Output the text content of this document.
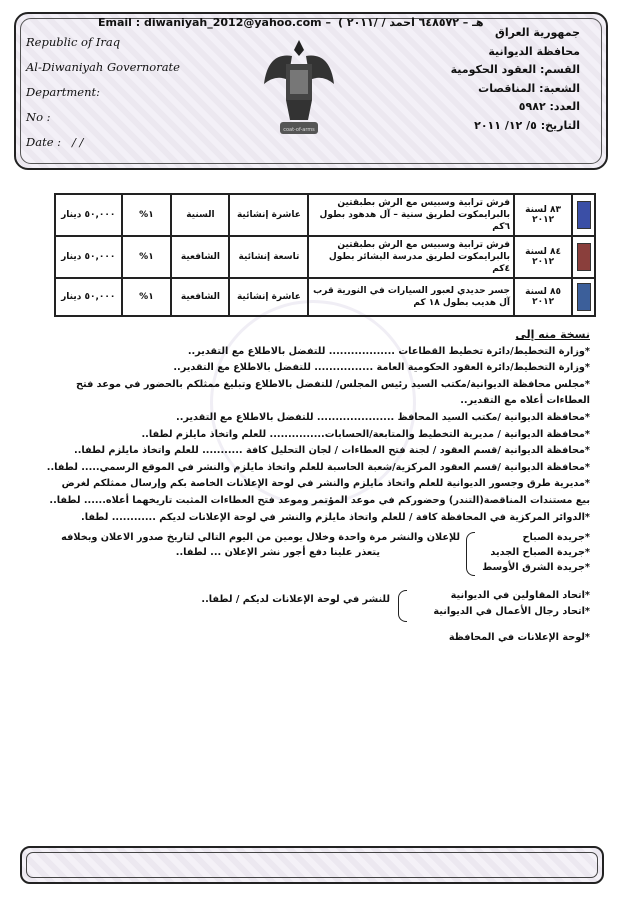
Republic of Iraq
Al-Diwaniyah Governorate
Department:
No :
Date : / /
coat-of-arms
جمهورية العراق
محافظة الديوانية
القسم: العقود الحكومية
الشعبة: المناقصات
العدد: ٥٩٨٢
التاريخ: ٥/ ١٢/ ٢٠١١
	٨٣ لسنة ٢٠١٢	فرش ترابية وسبيس مع الرش بطبقتين بالبرايمكوت لطريق سنية – آل هدهود بطول ٦كم	عاشرة إنشائية	السنية	١%	٥٠,٠٠٠ دينار

	٨٤ لسنة ٢٠١٢	فرش ترابية وسبيس مع الرش بطبقتين بالبرايمكوت لطريق مدرسة البشائر بطول ٤كم	تاسعة إنشائية	الشافعية	١%	٥٠,٠٠٠ دينار

	٨٥ لسنة ٢٠١٢	جسر حديدي لعبور السيارات في النورية قرب آل هديب بطول ١٨ كم	عاشرة إنشائية	الشافعية	١%	٥٠,٠٠٠ دينار
نسخة منه إلى
*وزارة التخطيط/دائرة تخطيط القطاعات .................. للتفضل بالاطلاع مع التقدير..
*وزارة التخطيط/دائرة العقود الحكومية العامة ................ للتفضل بالاطلاع مع التقدير..
*مجلس محافظة الديوانية/مكتب السيد رئيس المجلس/ للتفضل بالاطلاع وتبليغ ممثلكم بالحضور في موعد فتح العطاءات أعلاه مع التقدير..
*محافظة الديوانية /مكتب السيد المحافظ ..................... للتفضل بالاطلاع مع التقدير..
*محافظة الديوانية / مديرية التخطيط والمتابعة/الحسابات............... للعلم واتخاذ مايلزم لطفا..
*محافظة الديوانية /قسم العقود / لجنة فتح العطاءات / لجان التحليل كافة ........... للعلم واتخاذ مايلزم لطفا..
*محافظة الديوانية /قسم العقود المركزية/شعبة الحاسبة للعلم واتخاذ مايلزم والنشر في الموقع الرسمي..... لطفا..
*مديرية طرق وجسور الديوانية للعلم واتخاذ مايلزم والنشر في لوحة الإعلانات الخاصة بكم وإرسال ممثلكم لغرض بيع مستندات المناقصة(التندر) وحضوركم في موعد المؤتمر وموعد فتح العطاءات المثبت تاريخهما أعلاه...... لطفا..
*الدوائر المركزية في المحافظة كافة / للعلم واتخاذ مايلزم والنشر في لوحة الإعلانات لديكم ............ لطفا.
*جريدة الصباح
*جريدة الصباح الجديد
*جريدة الشرق الأوسط
للإعلان والنشر مرة واحدة وخلال يومين من اليوم التالي لتاريخ صدور الاعلان وبخلافه
يتعذر علينا دفع أجور نشر الإعلان ... لطفا..
*اتحاد المقاولين في الديوانية
*اتحاد رجال الأعمال في الديوانية
للنشر في لوحة الإعلانات لديكم / لطفا..
*لوحة الإعلانات في المحافظة
Email : diwaniyah_2012@yahoo.com – هـ – ٦٤٨٥٧٢ احمد / /٢٠١١ )
